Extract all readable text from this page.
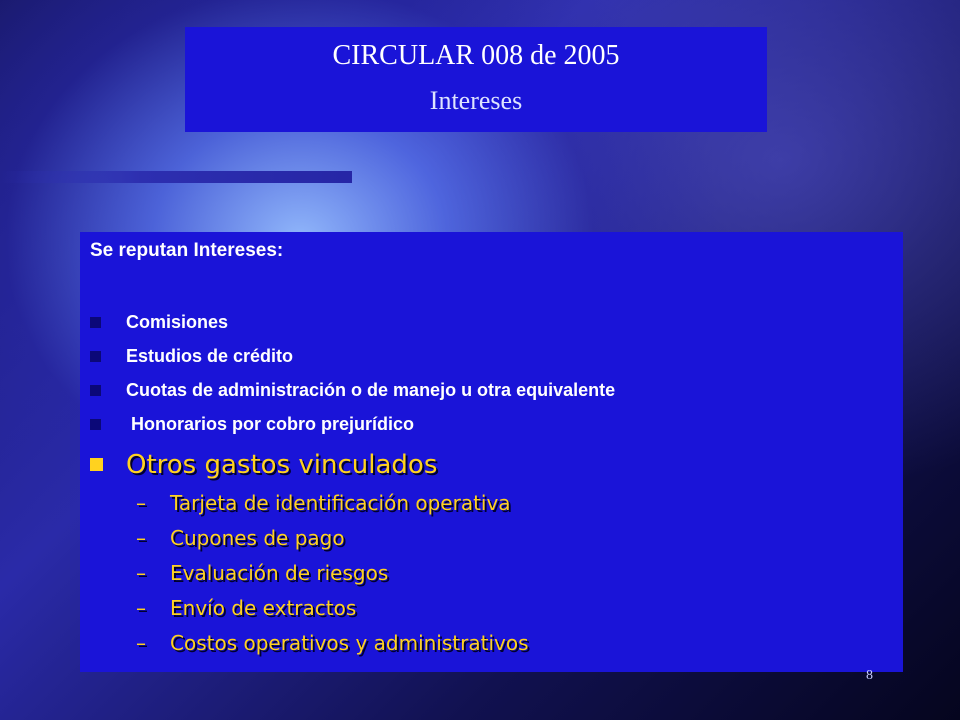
CIRCULAR 008 de 2005
Intereses
Se reputan Intereses:
Comisiones
Estudios de crédito
Cuotas de administración o de manejo u otra equivalente
Honorarios por cobro prejurídico
Otros gastos vinculados
– Tarjeta de identificación operativa
– Cupones de pago
– Evaluación de riesgos
– Envío de extractos
– Costos operativos y administrativos
8
